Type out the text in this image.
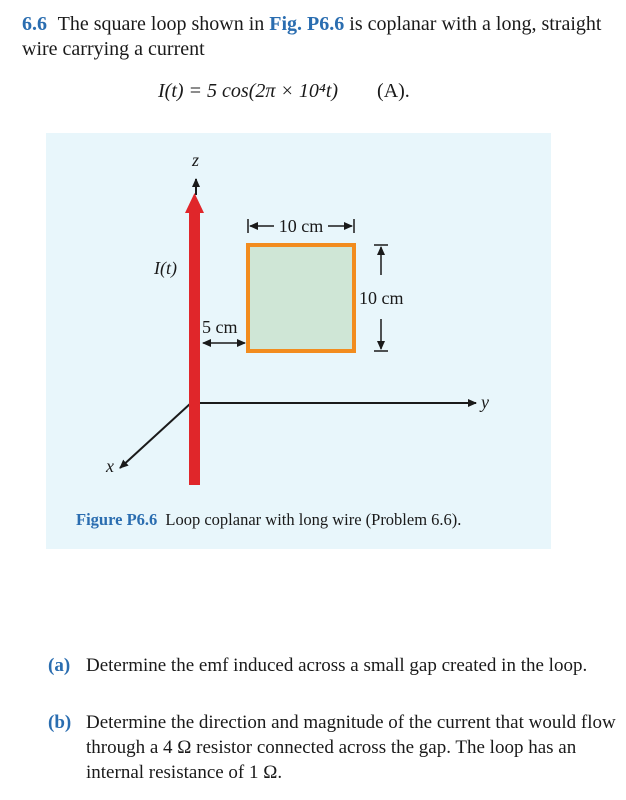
6.6 The square loop shown in Fig. P6.6 is coplanar with a long, straight wire carrying a current
I(t) = 5 cos(2π × 10⁴t) (A).
10 cm
10 cm
5 cm
z
y
x
I(t)
Figure P6.6 Loop coplanar with long wire (Problem 6.6).
(a) Determine the emf induced across a small gap created in the loop.
(b) Determine the direction and magnitude of the current that would flow through a 4 Ω resistor connected across the gap. The loop has an internal resistance of 1 Ω.
